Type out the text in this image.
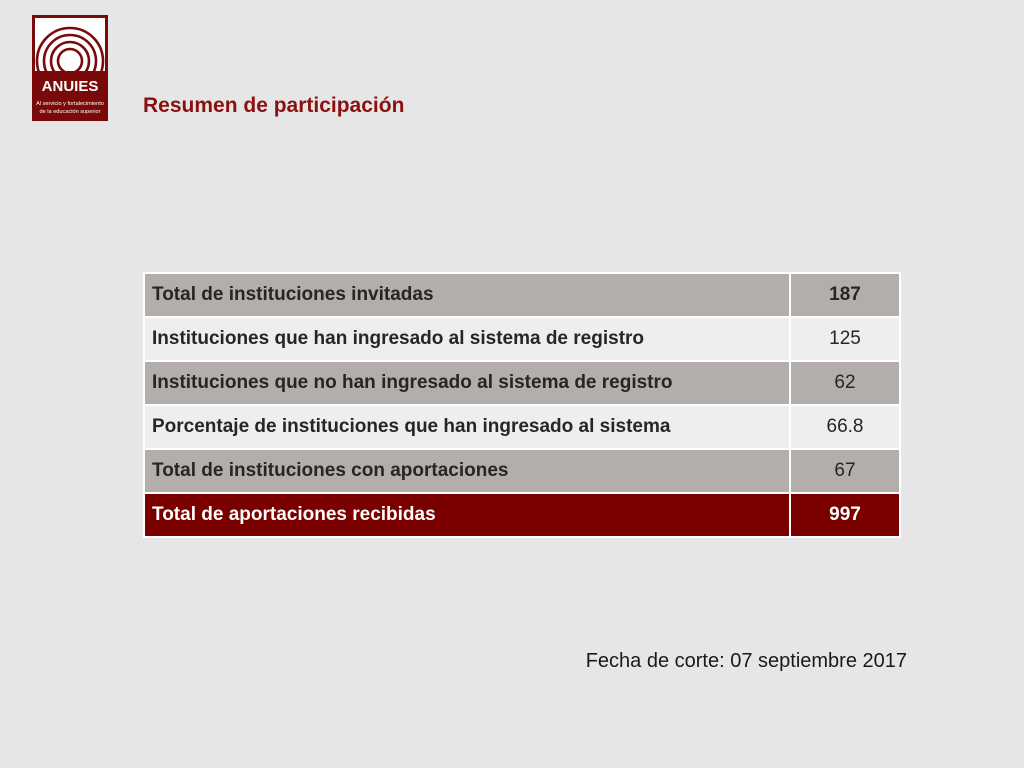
ANUIES
Al servicio y fortalecimiento
de la educación superior Resumen de participación
Total de instituciones invitadas	187
Instituciones que han ingresado al sistema de registro	125
Instituciones que no han ingresado al sistema de registro	62
Porcentaje de instituciones que han ingresado al sistema	66.8
Total de instituciones con aportaciones	67
Total de aportaciones recibidas	997
Fecha de corte: 07 septiembre 2017
